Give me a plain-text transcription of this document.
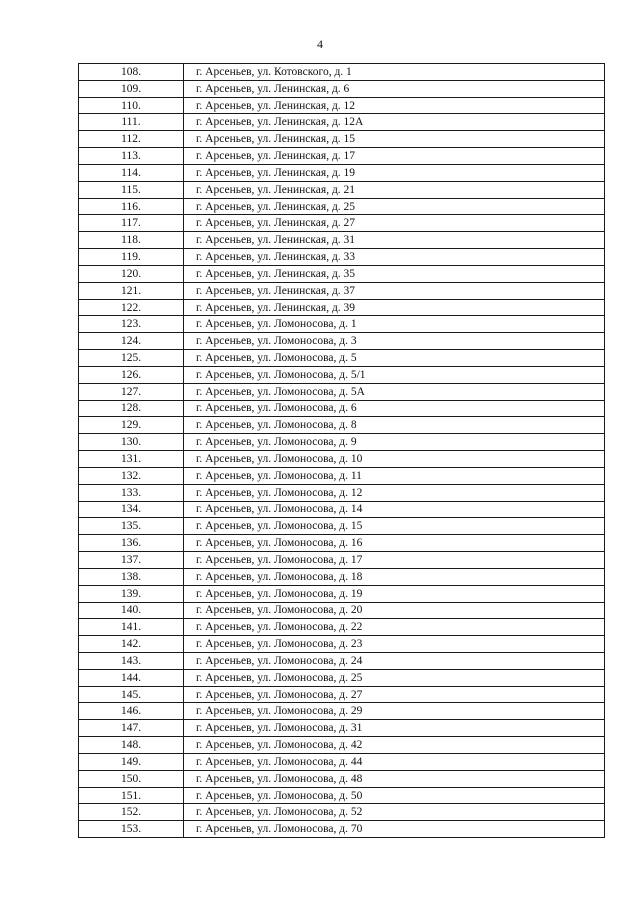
4
108.	г. Арсеньев, ул. Котовского, д. 1
109.	г. Арсеньев, ул. Ленинская, д. 6
110.	г. Арсеньев, ул. Ленинская, д. 12
111.	г. Арсеньев, ул. Ленинская, д. 12А
112.	г. Арсеньев, ул. Ленинская, д. 15
113.	г. Арсеньев, ул. Ленинская, д. 17
114.	г. Арсеньев, ул. Ленинская, д. 19
115.	г. Арсеньев, ул. Ленинская, д. 21
116.	г. Арсеньев, ул. Ленинская, д. 25
117.	г. Арсеньев, ул. Ленинская, д. 27
118.	г. Арсеньев, ул. Ленинская, д. 31
119.	г. Арсеньев, ул. Ленинская, д. 33
120.	г. Арсеньев, ул. Ленинская, д. 35
121.	г. Арсеньев, ул. Ленинская, д. 37
122.	г. Арсеньев, ул. Ленинская, д. 39
123.	г. Арсеньев, ул. Ломоносова, д. 1
124.	г. Арсеньев, ул. Ломоносова, д. 3
125.	г. Арсеньев, ул. Ломоносова, д. 5
126.	г. Арсеньев, ул. Ломоносова, д. 5/1
127.	г. Арсеньев, ул. Ломоносова, д. 5А
128.	г. Арсеньев, ул. Ломоносова, д. 6
129.	г. Арсеньев, ул. Ломоносова, д. 8
130.	г. Арсеньев, ул. Ломоносова, д. 9
131.	г. Арсеньев, ул. Ломоносова, д. 10
132.	г. Арсеньев, ул. Ломоносова, д. 11
133.	г. Арсеньев, ул. Ломоносова, д. 12
134.	г. Арсеньев, ул. Ломоносова, д. 14
135.	г. Арсеньев, ул. Ломоносова, д. 15
136.	г. Арсеньев, ул. Ломоносова, д. 16
137.	г. Арсеньев, ул. Ломоносова, д. 17
138.	г. Арсеньев, ул. Ломоносова, д. 18
139.	г. Арсеньев, ул. Ломоносова, д. 19
140.	г. Арсеньев, ул. Ломоносова, д. 20
141.	г. Арсеньев, ул. Ломоносова, д. 22
142.	г. Арсеньев, ул. Ломоносова, д. 23
143.	г. Арсеньев, ул. Ломоносова, д. 24
144.	г. Арсеньев, ул. Ломоносова, д. 25
145.	г. Арсеньев, ул. Ломоносова, д. 27
146.	г. Арсеньев, ул. Ломоносова, д. 29
147.	г. Арсеньев, ул. Ломоносова, д. 31
148.	г. Арсеньев, ул. Ломоносова, д. 42
149.	г. Арсеньев, ул. Ломоносова, д. 44
150.	г. Арсеньев, ул. Ломоносова, д. 48
151.	г. Арсеньев, ул. Ломоносова, д. 50
152.	г. Арсеньев, ул. Ломоносова, д. 52
153.	г. Арсеньев, ул. Ломоносова, д. 70
